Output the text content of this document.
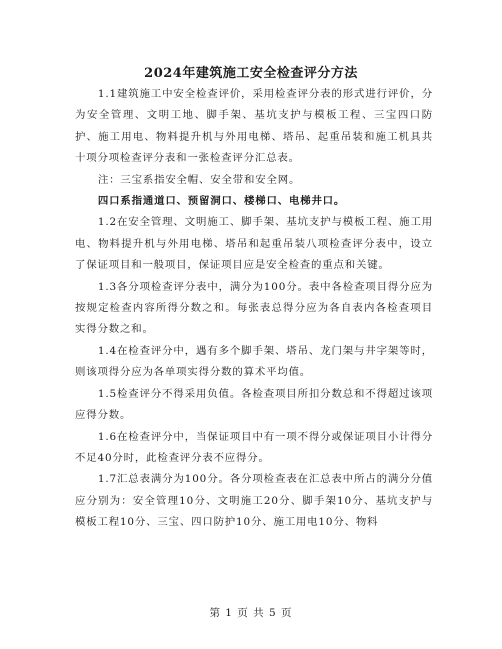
2024年建筑施工安全检查评分方法

1.1建筑施工中安全检查评价，采用检查评分表的形式进行评价，分为安全管理、文明工地、脚手架、基坑支护与模板工程、三宝四口防护、施工用电、物料提升机与外用电梯、塔吊、起重吊装和施工机具共十项分项检查评分表和一张检查评分汇总表。

注：三宝系指安全帽、安全带和安全网。

四口系指通道口、预留洞口、楼梯口、电梯井口。

1.2在安全管理、文明施工、脚手架、基坑支护与模板工程、施工用电、物料提升机与外用电梯、塔吊和起重吊装八项检查评分表中，设立了保证项目和一般项目，保证项目应是安全检查的重点和关键。

1.3各分项检查评分表中，满分为100分。表中各检查项目得分应为按规定检查内容所得分数之和。每张表总得分应为各自表内各检查项目实得分数之和。

1.4在检查评分中，遇有多个脚手架、塔吊、龙门架与井字架等时，则该项得分应为各单项实得分数的算术平均值。

1.5检查评分不得采用负值。各检查项目所扣分数总和不得超过该项应得分数。

1.6在检查评分中，当保证项目中有一项不得分或保证项目小计得分不足40分时，此检查评分表不应得分。

1.7汇总表满分为100分。各分项检查表在汇总表中所占的满分分值应分别为：安全管理10分、文明施工20分、脚手架10分、基坑支护与模板工程10分、三宝、四口防护10分、施工用电10分、物料

第 1 页 共 5 页
